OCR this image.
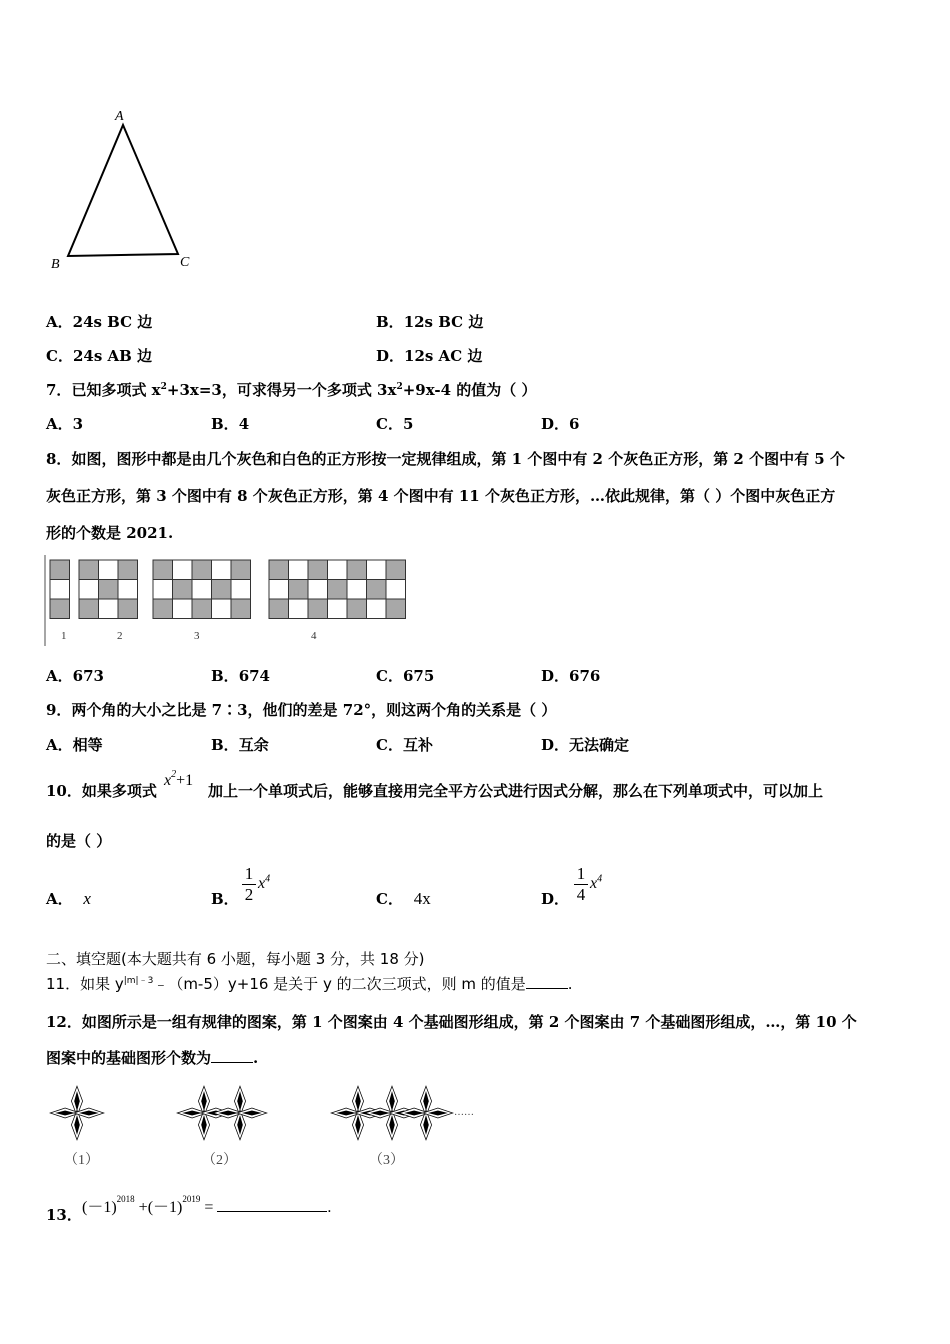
A
B	C
A．24s BC 边	B．12s BC 边
C．24s AB 边	D．12s AC 边
7．已知多项式 $x^2+3x=3$，可求得另一个多项式 $3x^2+9x-4$ 的值为（ ）
A．3	B．4	C．5	D．6
8．如图，图形中都是由几个灰色和白色的正方形按一定规律组成，第 1 个图中有 2 个灰色正方形，第 2 个图中有 5 个
灰色正方形，第 3 个图中有 8 个灰色正方形，第 4 个图中有 11 个灰色正方形，…依此规律，第（ ）个图中灰色正方
形的个数是 2021.
1	2	3	4
A．673	B．674	C．675	D．676
9．两个角的大小之比是 7∶3，他们的差是 72°，则这两个角的关系是（ ）
A．相等	B．互余	C．互补	D．无法确定
10．如果多项式
$x^2+1$
加上一个单项式后，能够直接用完全平方公式进行因式分解，那么在下列单项式中，可以加上
的是（ ）
A． x	B．
1
2
$x^4$
C． 4x	D．
1
4
$x^4$
二、填空题(本大题共有 6 小题，每小题 3 分，共 18 分)
11．如果 $y^{|m|﹣3}﹣(m-5)y+16$ 是关于 y 的二次三项式，则 m 的值是	.
12．如图所示是一组有规律的图案，第 1 个图案由 4 个基础图形组成，第 2 个图案由 7 个基础图形组成，…，第 10 个
图案中的基础图形个数为	.
……
（1）	（2）	（3）
13． $(-1)^{2018} +(-1)^{2019}$ =	.
